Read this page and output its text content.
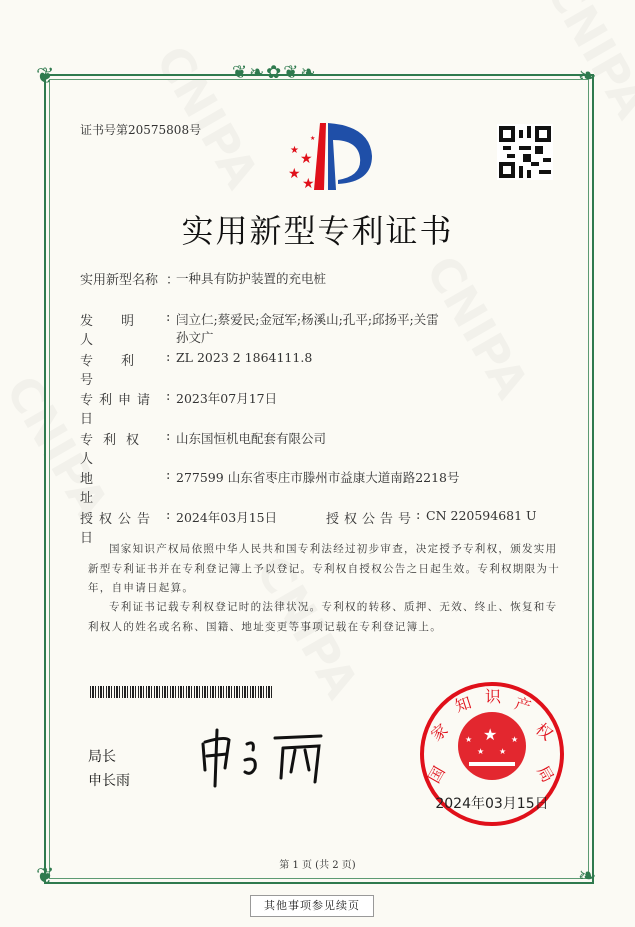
❦❧✿❦❧
❦	❧
❦	❧
证书号第20575808号
★
★
★
★
★
实用新型专利证书
实用新型名称 ：
一种具有防护装置的充电桩
发明人
: 闫立仁;蔡爱民;金冠军;杨溪山;孔平;邱扬平;关雷
孙文广
专利号
: ZL 2023 2 1864111.8
专利申请日
: 2023年07月17日
专利权人
: 山东国恒机电配套有限公司
地址
: 277599 山东省枣庄市滕州市益康大道南路2218号
授权公告日
: 2024年03月15日	授权公告号 : CN 220594681 U
国家知识产权局依照中华人民共和国专利法经过初步审查，决定授予专利权，颁发实用新型专利证书并在专利登记簿上予以登记。专利权自授权公告之日起生效。专利权期限为十年，自申请日起算。
专利证书记载专利权登记时的法律状况。专利权的转移、质押、无效、终止、恢复和专利权人的姓名或名称、国籍、地址变更等事项记载在专利登记簿上。
局长
申长雨
★
★	★
★ ★
国
家
知 识 产
权
局
2024年03月15日
第 1 页 (共 2 页)
其他事项参见续页
